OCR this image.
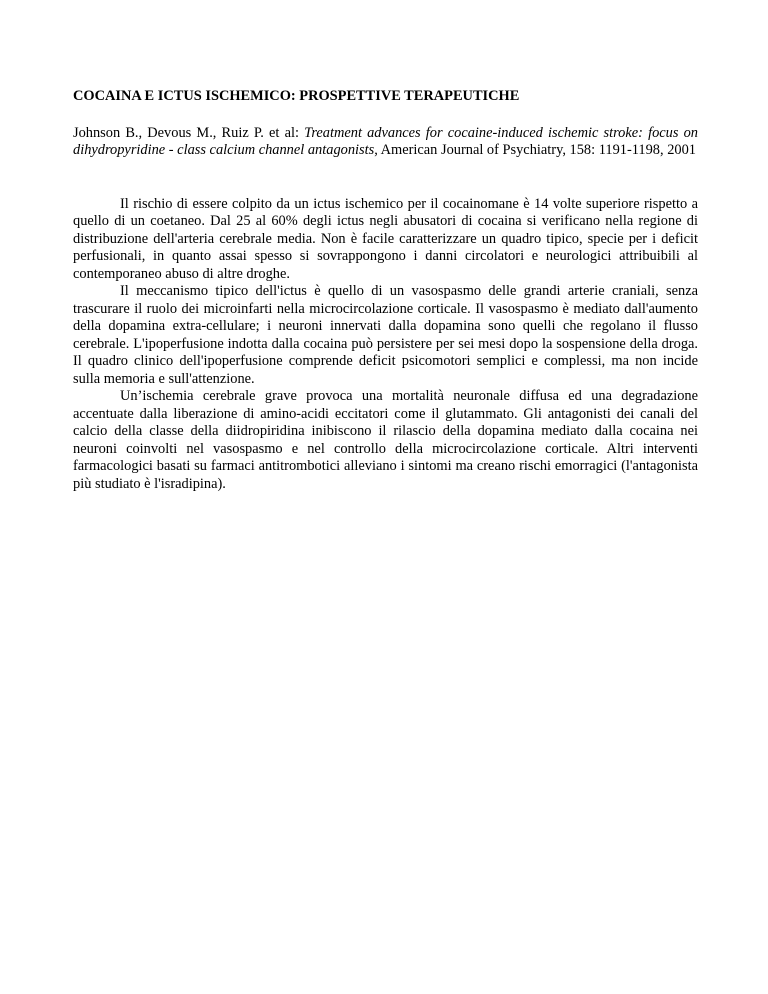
COCAINA E ICTUS ISCHEMICO: PROSPETTIVE TERAPEUTICHE

Johnson B., Devous M., Ruiz P. et al: Treatment advances for cocaine-induced ischemic stroke: focus on dihydropyridine - class calcium channel antagonists, American Journal of Psychiatry, 158: 1191-1198, 2001

Il rischio di essere colpito da un ictus ischemico per il cocainomane è 14 volte superiore rispetto a quello di un coetaneo. Dal 25 al 60% degli ictus negli abusatori di cocaina si verificano nella regione di distribuzione dell'arteria cerebrale media. Non è facile caratterizzare un quadro tipico, specie per i deficit perfusionali, in quanto assai spesso si sovrappongono i danni circolatori e neurologici attribuibili al contemporaneo abuso di altre droghe.

Il meccanismo tipico dell'ictus è quello di un vasospasmo delle grandi arterie craniali, senza trascurare il ruolo dei microinfarti nella microcircolazione corticale. Il vasospasmo è mediato dall'aumento della dopamina extra-cellulare; i neuroni innervati dalla dopamina sono quelli che regolano il flusso cerebrale. L'ipoperfusione indotta dalla cocaina può persistere per sei mesi dopo la sospensione della droga. Il quadro clinico dell'ipoperfusione comprende deficit psicomotori semplici e complessi, ma non incide sulla memoria e sull'attenzione.

Un’ischemia cerebrale grave provoca una mortalità neuronale diffusa ed una degradazione accentuate dalla liberazione di amino-acidi eccitatori come il glutammato. Gli antagonisti dei canali del calcio della classe della diidropiridina inibiscono il rilascio della dopamina mediato dalla cocaina nei neuroni coinvolti nel vasospasmo e nel controllo della microcircolazione corticale. Altri interventi farmacologici basati su farmaci antitrombotici alleviano i sintomi ma creano rischi emorragici (l'antagonista più studiato è l'isradipina).
